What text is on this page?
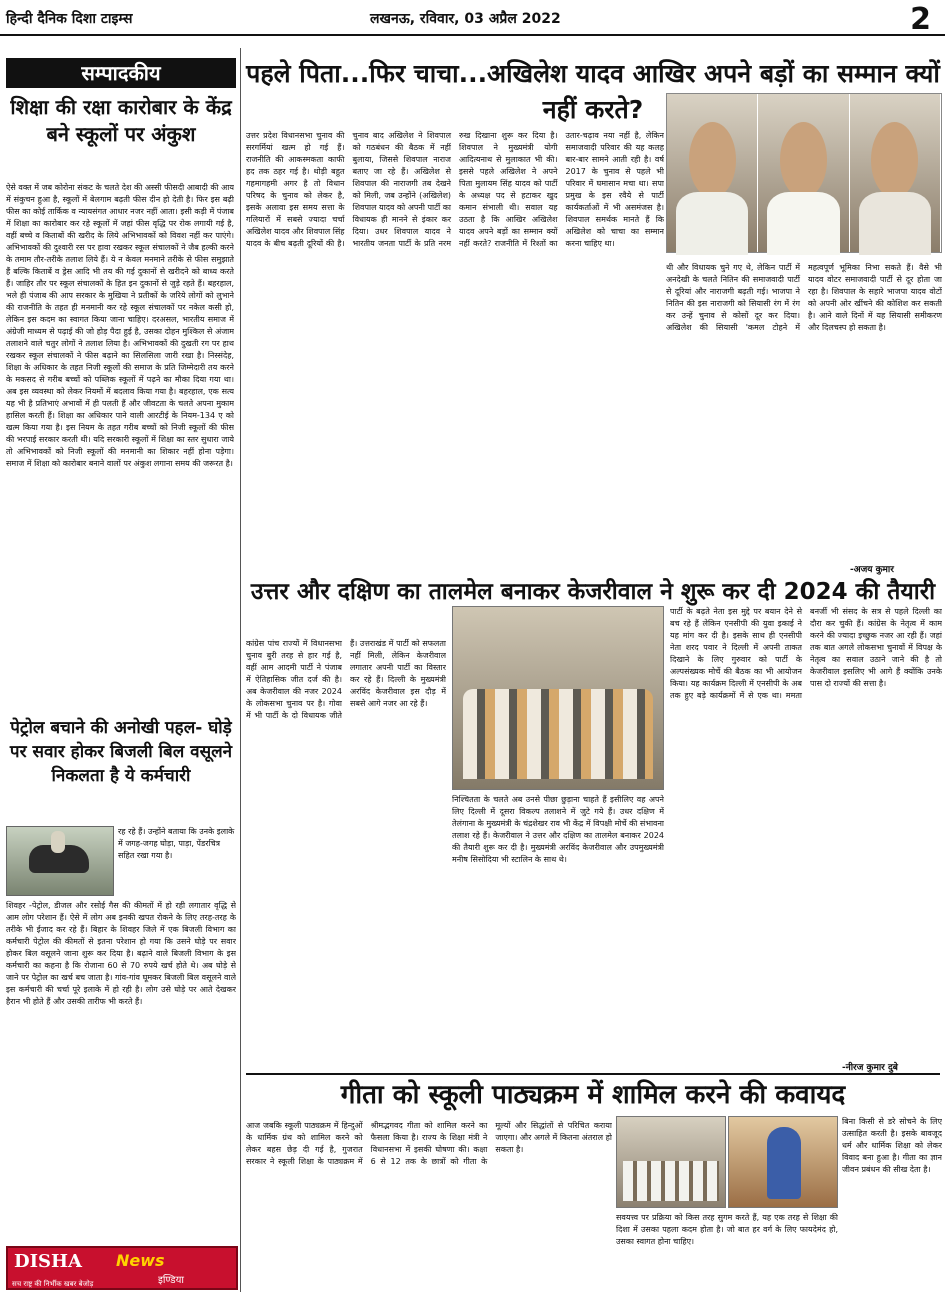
हिन्दी दैनिक दिशा टाइम्स	लखनऊ, रविवार, 03 अप्रैल 2022	2
सम्पादकीय
शिक्षा की रक्षा कारोबार के केंद्र बने स्कूलों पर अंकुश
ऐसे वक्त में जब कोरोना संकट के चलते देश की अस्सी फीसदी आबादी की आय में संकुचन हुआ है, स्कूलों में बेलगाम बढ़ती फीस दीन हो देती है। फिर इस बढ़ी फीस का कोई तार्किक व न्यायसंगत आधार नजर नहीं आता। इसी कड़ी में पंजाब में शिक्षा का कारोबार कर रहे स्कूलों में जहां फीस वृद्धि पर रोक लगायी गई है, वहीं बच्चे व किताबों की खरीद के लिये अभिभावकों को विवश नहीं कर पाएंगे। अभिभावकों की दुश्वारी रस पर हावा रखकर स्कूल संचालकों ने जैब हल्की करने के तमाम तौर-तरीके तलाश लिये हैं। ये न केवल मनमाने तरीके से फीस समुझाते हैं बल्कि किताबें व ड्रेस आदि भी तय की गई दुकानों से खरीदने को बाध्य करते हैं। जाहिर तौर पर स्कूल संचालकों के हित इन दुकानों से जुड़े रहते हैं। बहरहाल, भले ही पंजाब की आप सरकार के मुखिया ने प्रतीकों के जरिये लोगों को लुभाने की राजनीति के तहत ही मनमानी कर रहे स्कूल संचालकों पर नकेल कसी हो, लेकिन इस कदम का स्वागत किया जाना चाहिए। दरअसल, भारतीय समाज में अंग्रेजी माध्यम से पढ़ाई की जो होड़ पैदा हुई है, उसका दोहन मुश्किल से अंजाम तलाशने वाले चतुर लोगों ने तलाश लिया है। अभिभावकों की दुखती रग पर हाथ रखकर स्कूल संचालकों ने फीस बढ़ाने का सिलसिला जारी रखा है। निस्संदेह, शिक्षा के अधिकार के तहत निजी स्कूलों की समाज के प्रति जिम्मेदारी तय करने के मकसद से गरीब बच्चों को पब्लिक स्कूलों में पढ़ने का मौका दिया गया था। अब इस व्यवस्था को लेकर नियमों में बदलाव किया गया है। बहरहाल, एक सत्य यह भी है प्रतिभाएं अभावों में ही पलती हैं और जीवटता के चलते अपना मुकाम हासिल करती हैं। शिक्षा का अधिकार पाने वाली आरटीई के नियम-134 ए को खत्म किया गया है। इस नियम के तहत गरीब बच्चों को निजी स्कूलों की फीस की भरपाई सरकार करती थी। यदि सरकारी स्कूलों में शिक्षा का स्तर सुधारा जाये तो अभिभावकों को निजी स्कूलों की मनमानी का शिकार नहीं होना पड़ेगा। समाज में शिक्षा को कारोबार बनाने वालों पर अंकुश लगाना समय की जरूरत है।
पेट्रोल बचाने की अनोखी पहल- घोड़े पर सवार होकर बिजली बिल वसूलने निकलता है ये कर्मचारी
रह रहे हैं। उन्होंने बताया कि उनके इलाके में जगह-जगह घोड़ा, पाड़ा, पेंडरचित्र सहित रखा गया है।
शिवहर -पेट्रोल, डीजल और रसोई गैस की कीमतों में हो रही लगातार वृद्धि से आम लोग परेशान हैं। ऐसे में लोग अब इनकी खपत रोकने के लिए तरह-तरह के तरीके भी ईजाद कर रहे हैं। बिहार के शिवहर जिले में एक बिजली विभाग का कर्मचारी पेट्रोल की कीमतों से इतना परेशान हो गया कि उसने घोड़े पर सवार होकर बिल वसूलने जाना शुरू कर दिया है। बढ़ाने वाले बिजली विभाग के इस कर्मचारी का कहना है कि रोजाना 60 से 70 रुपये खर्च होते थे। अब घोड़े से जाने पर पेट्रोल का खर्च बच जाता है। गांव-गांव घूमकर बिजली बिल वसूलने वाले इस कर्मचारी की चर्चा पूरे इलाके में हो रही है। लोग उसे घोड़े पर आते देखकर हैरान भी होते हैं और उसकी तारीफ भी करते हैं।
DISHA News
इण्डिया
सच राष्ट्र की निर्भीक खबर बेजोड़
पहले पिता...फिर चाचा...अखिलेश यादव आखिर अपने बड़ों का सम्मान क्यों नहीं करते?
उत्तर प्रदेश विधानसभा चुनाव की सरगर्मियां खत्म हो गई हैं। राजनीति की आकस्मकता काफी हद तक ठहर गई है। थोड़ी बहुत गहमागहमी अगर है तो विधान परिषद के चुनाव को लेकर है, इसके अलावा इस समय सत्ता के गलियारों में सबसे ज्यादा चर्चा अखिलेश यादव और शिवपाल सिंह यादव के बीच बढ़ती दूरियों की है। चुनाव बाद अखिलेश ने शिवपाल को गठबंधन की बैठक में नहीं बुलाया, जिससे शिवपाल नाराज बताए जा रहे हैं। अखिलेश से शिवपाल की नाराजगी तब देखने को मिली, जब उन्होंने (अखिलेश) शिवपाल यादव को अपनी पार्टी का विधायक ही मानने से इंकार कर दिया। उधर शिवपाल यादव ने भारतीय जनता पार्टी के प्रति नरम रुख दिखाना शुरू कर दिया है। शिवपाल ने मुख्यमंत्री योगी आदित्यनाथ से मुलाकात भी की। इससे पहले अखिलेश ने अपने पिता मुलायम सिंह यादव को पार्टी के अध्यक्ष पद से हटाकर खुद कमान संभाली थी। सवाल यह उठता है कि आखिर अखिलेश यादव अपने बड़ों का सम्मान क्यों नहीं करते? राजनीति में रिश्तों का उतार-चढ़ाव नया नहीं है, लेकिन समाजवादी परिवार की यह कलह बार-बार सामने आती रही है। वर्ष 2017 के चुनाव से पहले भी परिवार में घमासान मचा था। सपा प्रमुख के इस रवैये से पार्टी कार्यकर्ताओं में भी असमंजस है। शिवपाल समर्थक मानते हैं कि अखिलेश को चाचा का सम्मान करना चाहिए था।
थी और विधायक चुने गए थे, लेकिन पार्टी में अनदेखी के चलते नितिन की समाजवादी पार्टी से दूरियां और नाराजगी बढ़ती गई। भाजपा ने नितिन की इस नाराजगी को सियासी रंग में रंग कर उन्हें चुनाव से कोसों दूर कर दिया। अखिलेश की सियासी 'कमल टोहने में महत्वपूर्ण भूमिका निभा सकते हैं। वैसे भी यादव वोटर समाजवादी पार्टी से दूर होता जा रहा है। शिवपाल के सहारे भाजपा यादव वोटों को अपनी ओर खींचने की कोशिश कर सकती है। आने वाले दिनों में यह सियासी समीकरण और दिलचस्प हो सकता है।
-अजय कुमार
उत्तर और दक्षिण का तालमेल बनाकर केजरीवाल ने शुरू कर दी 2024 की तैयारी
कांग्रेस पांच राज्यों में विधानसभा चुनाव बुरी तरह से हार गई है, वहीं आम आदमी पार्टी ने पंजाब में ऐतिहासिक जीत दर्ज की है। अब केजरीवाल की नजर 2024 के लोकसभा चुनाव पर है। गोवा में भी पार्टी के दो विधायक जीते हैं। उत्तराखंड में पार्टी को सफलता नहीं मिली, लेकिन केजरीवाल लगातार अपनी पार्टी का विस्तार कर रहे हैं। दिल्ली के मुख्यमंत्री अरविंद केजरीवाल इस दौड़ में सबसे आगे नजर आ रहे हैं।
निश्चितता के चलते अब उनसे पीछा छुड़ाना चाहते हैं इसीलिए वह अपने लिए दिल्ली में दूसरा विकल्प तलाशने में जुटे गये हैं। उधर दक्षिण में तेलंगाना के मुख्यमंत्री के चंद्रशेखर राव भी केंद्र में विपक्षी मोर्चे की संभावना तलाश रहे हैं। केजरीवाल ने उत्तर और दक्षिण का तालमेल बनाकर 2024 की तैयारी शुरू कर दी है। मुख्यमंत्री अरविंद केजरीवाल और उपमुख्यमंत्री मनीष सिसोदिया भी स्टालिन के साथ थे।
पार्टी के बढ़ते नेता इस मुद्दे पर बयान देने से बच रहे हैं लेकिन एनसीपी की युवा इकाई ने यह मांग कर दी है। इसके साथ ही एनसीपी नेता शरद पवार ने दिल्ली में अपनी ताकत दिखाने के लिए गुरुवार को पार्टी के अल्पसंख्यक मोर्चे की बैठक का भी आयोजन किया। यह कार्यक्रम दिल्ली में एनसीपी के अब तक हुए बड़े कार्यक्रमों में से एक था। ममता बनर्जी भी संसद के सत्र से पहले दिल्ली का दौरा कर चुकी हैं। कांग्रेस के नेतृत्व में काम करने की ज्यादा इच्छुक नजर आ रही हैं। जहां तक बात अगले लोकसभा चुनावों में विपक्ष के नेतृत्व का सवाल उठाने जाने की है तो केजरीवाल इसलिए भी आगे हैं क्योंकि उनके पास दो राज्यों की सत्ता है।
-नीरज कुमार दुबे
गीता को स्कूली पाठ्यक्रम में शामिल करने की कवायद
आज जबकि स्कूली पाठ्यक्रम में हिन्दुओं के धार्मिक ग्रंथ को शामिल करने को लेकर बहस छेड़ दी गई है, गुजरात सरकार ने स्कूली शिक्षा के पाठ्यक्रम में श्रीमद्भगवद गीता को शामिल करने का फैसला किया है। राज्य के शिक्षा मंत्री ने विधानसभा में इसकी घोषणा की। कक्षा 6 से 12 तक के छात्रों को गीता के मूल्यों और सिद्धांतों से परिचित कराया जाएगा। और अगले में कितना अंतराल हो सकता है।
सवयत्त्व पर प्रक्रिया को किस तरह सुगम करते हैं, यह एक तरह से शिक्षा की दिशा में उसका पहला कदम होता है। जो बात हर वर्ग के लिए फायदेमंद हो, उसका स्वागत होना चाहिए।
बिना किसी से डरे सोचने के लिए उत्साहित करती है। इसके बावजूद धर्म और धार्मिक शिक्षा को लेकर विवाद बना हुआ है। गीता का ज्ञान जीवन प्रबंधन की सीख देता है।
